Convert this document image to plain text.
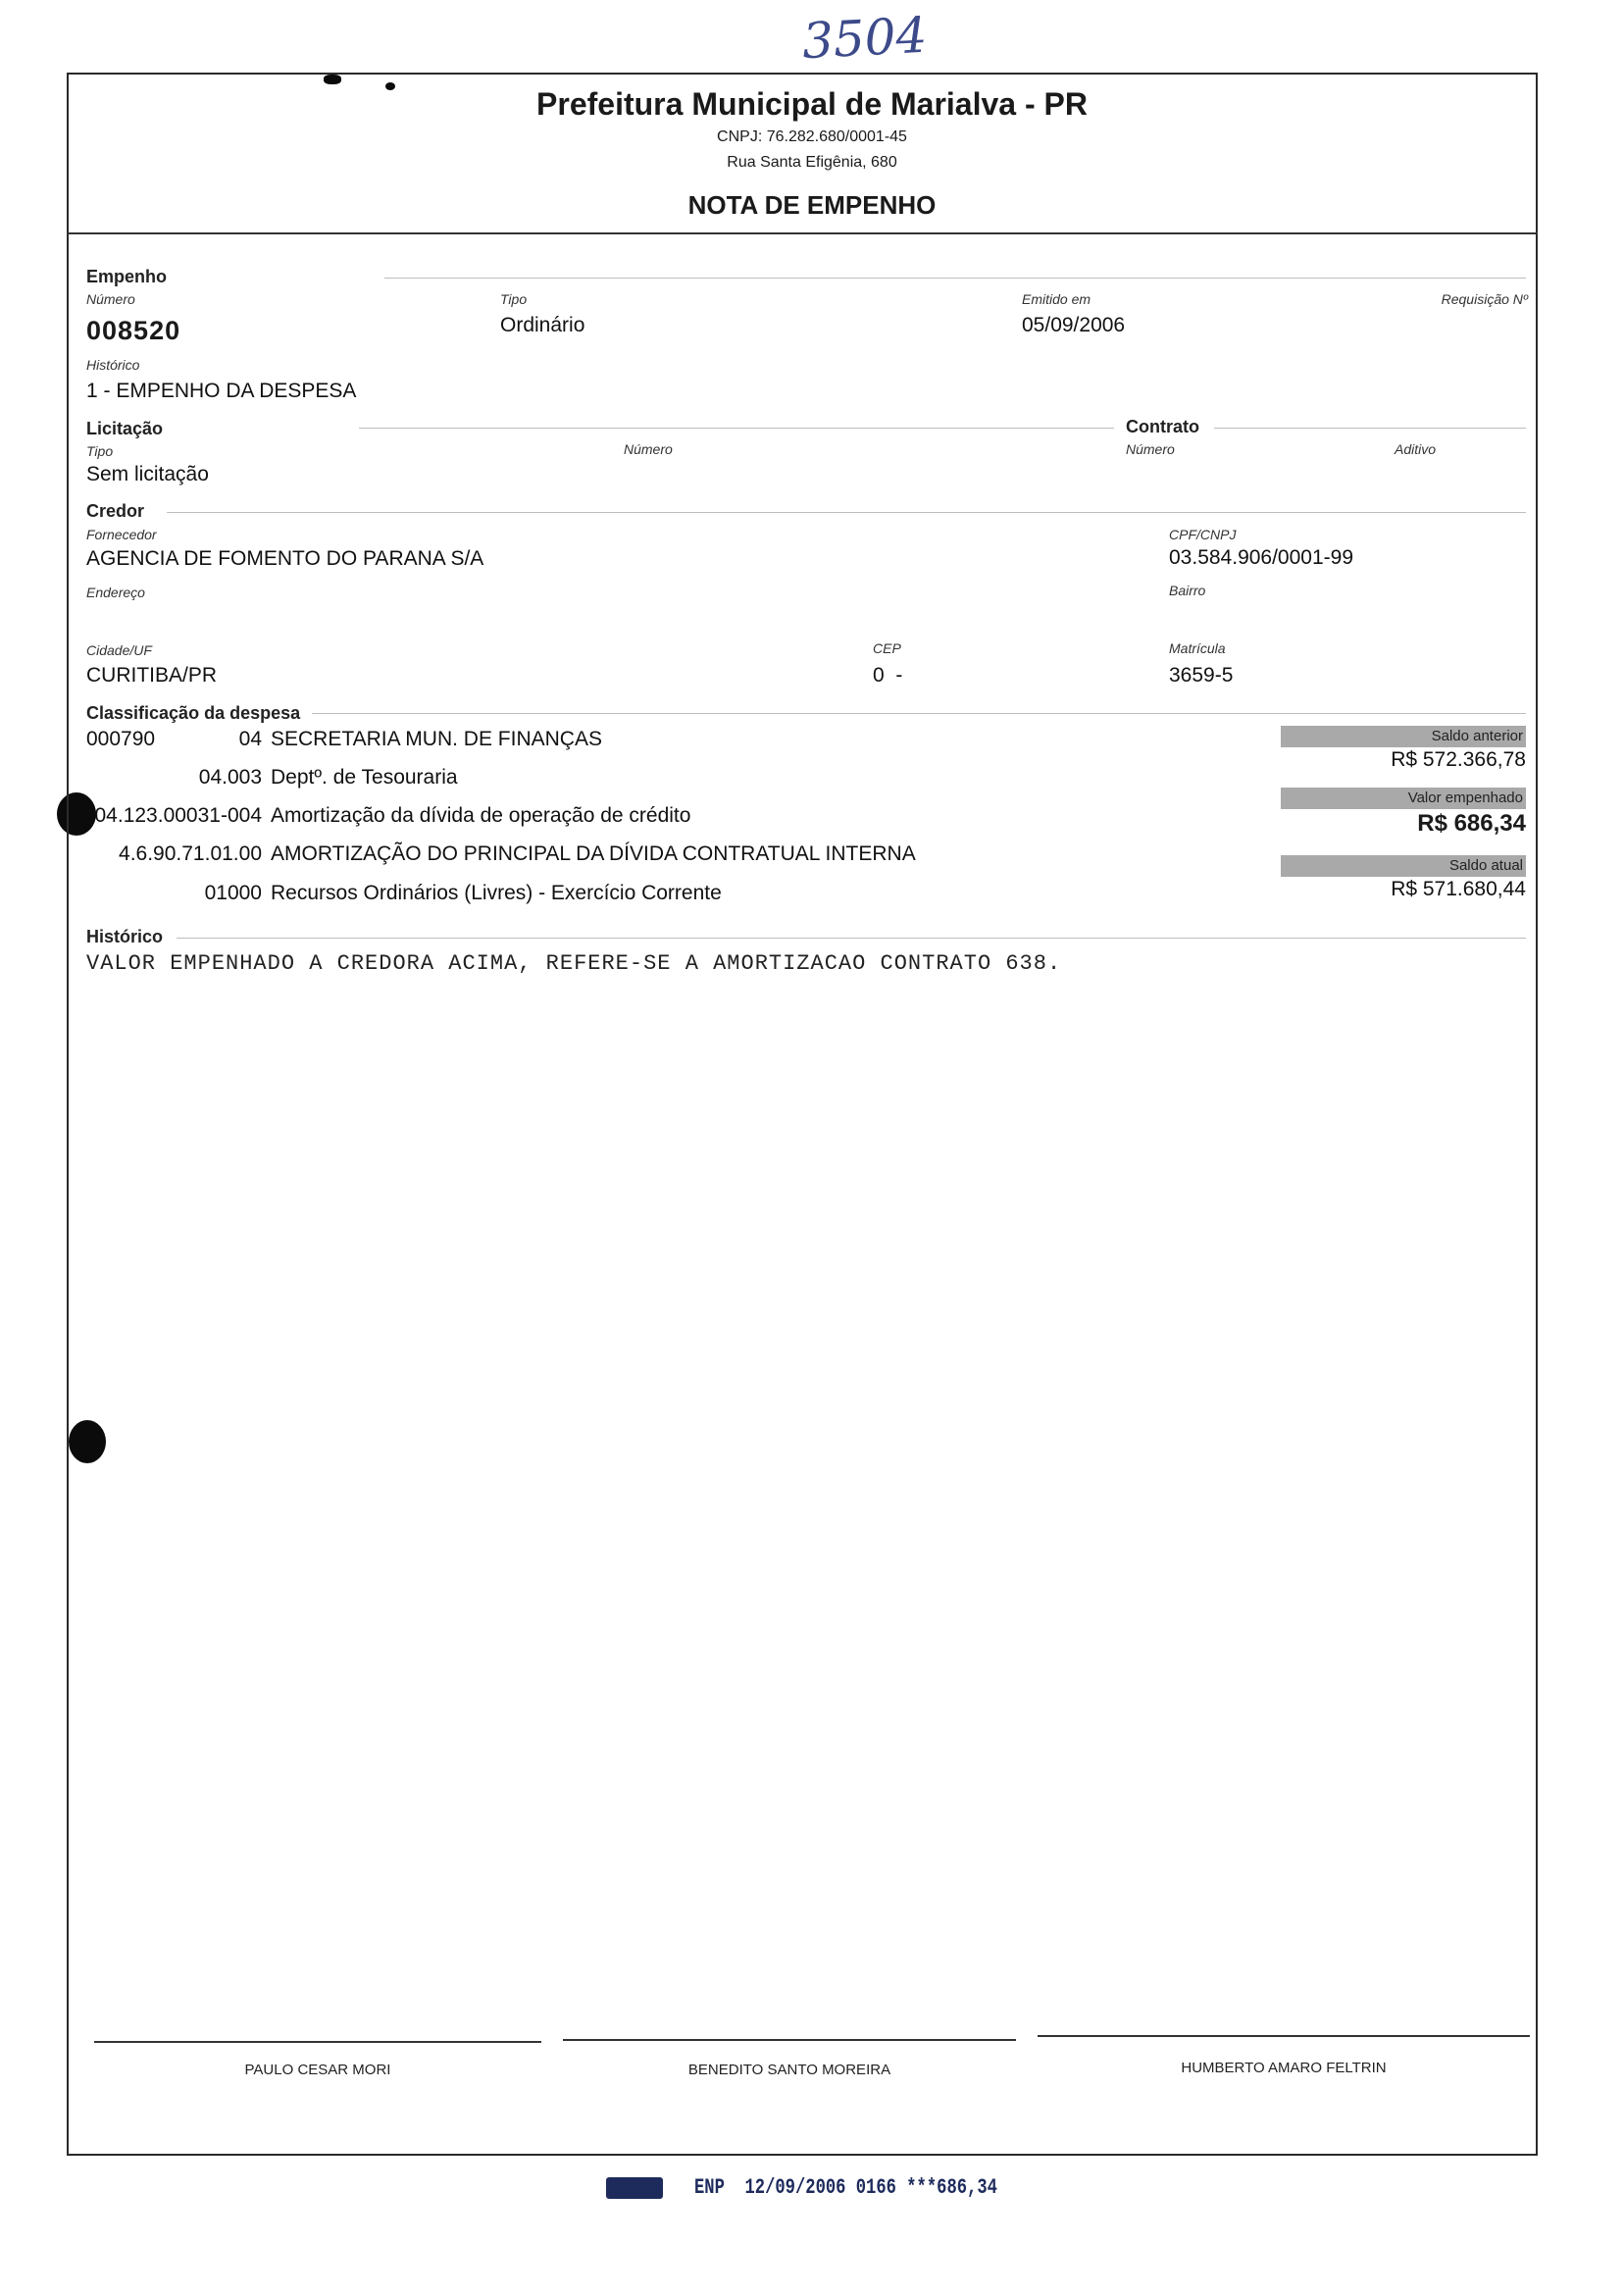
3504
Prefeitura Municipal de Marialva - PR
CNPJ: 76.282.680/0001-45
Rua Santa Efigênia, 680
NOTA DE EMPENHO
Empenho
Número	Tipo	Emitido em	Requisição Nº
008520	Ordinário	05/09/2006
Histórico
1 - EMPENHO DA DESPESA
Licitação	Contrato
Tipo	Número	Número	Aditivo
Sem licitação
Credor
Fornecedor	CPF/CNPJ
AGENCIA DE FOMENTO DO PARANA S/A	03.584.906/0001-99
Endereço	Bairro
Cidade/UF	CEP	Matrícula
CURITIBA/PR	0  -	3659-5
Classificação da despesa
000790	04 SECRETARIA MUN. DE FINANÇAS
04.003 Deptº. de Tesouraria
04.123.00031-004 Amortização da dívida de operação de crédito
4.6.90.71.01.00 AMORTIZAÇÃO DO PRINCIPAL DA DÍVIDA CONTRATUAL INTERNA
01000 Recursos Ordinários (Livres) - Exercício Corrente
Saldo anterior
R$ 572.366,78
Valor empenhado
R$ 686,34
Saldo atual
R$ 571.680,44
Histórico
VALOR EMPENHADO A CREDORA ACIMA, REFERE-SE A AMORTIZACAO CONTRATO 638.
PAULO CESAR MORI	BENEDITO SANTO MOREIRA	HUMBERTO AMARO FELTRIN
ENP  12/09/2006 0166 ***686,34
